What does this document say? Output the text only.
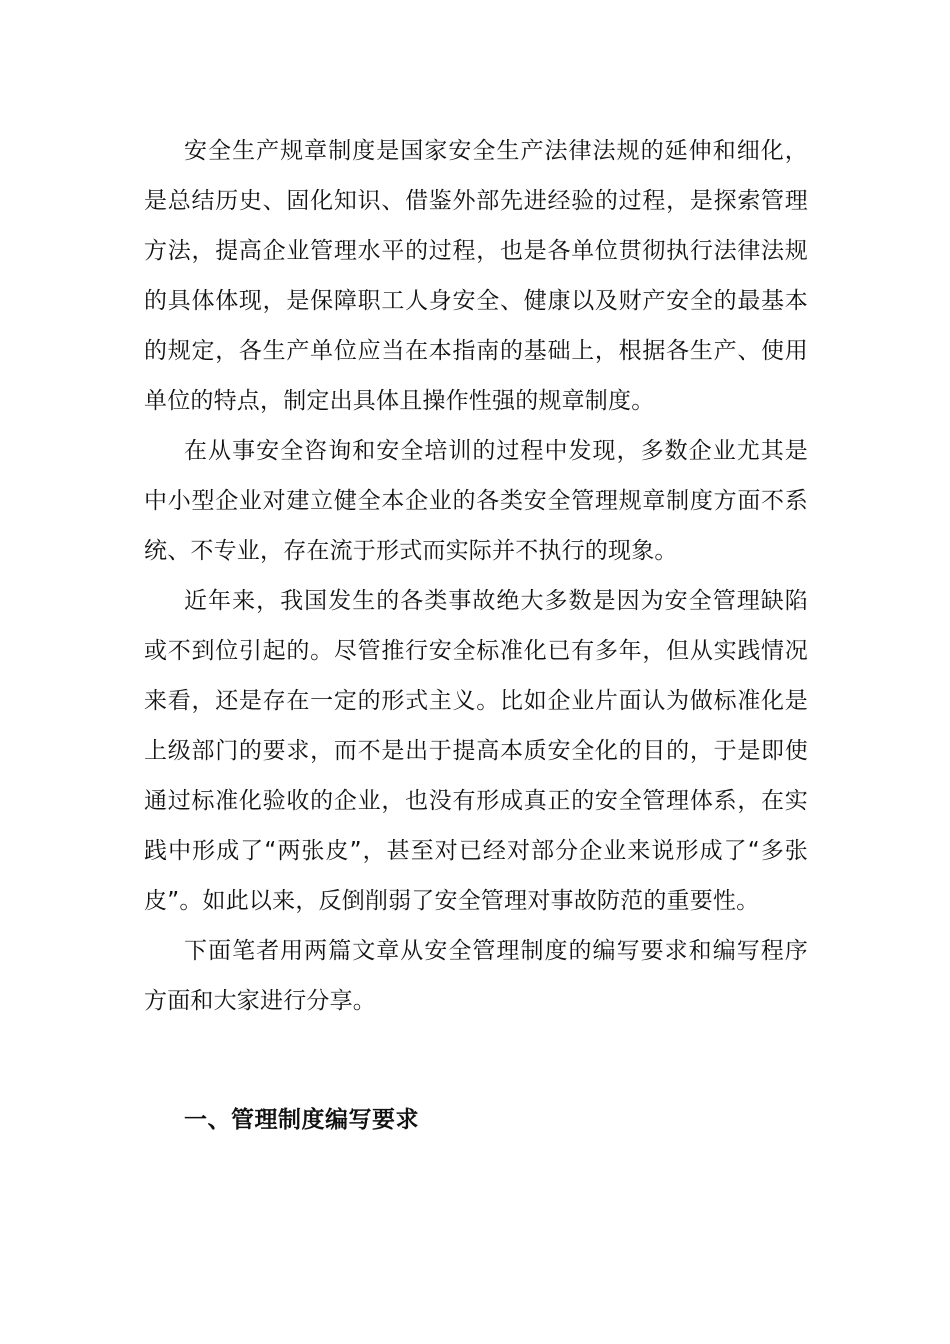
安全生产规章制度是国家安全生产法律法规的延伸和细化，是总结历史、固化知识、借鉴外部先进经验的过程，是探索管理方法，提高企业管理水平的过程，也是各单位贯彻执行法律法规的具体体现，是保障职工人身安全、健康以及财产安全的最基本的规定，各生产单位应当在本指南的基础上，根据各生产、使用单位的特点，制定出具体且操作性强的规章制度。

在从事安全咨询和安全培训的过程中发现，多数企业尤其是中小型企业对建立健全本企业的各类安全管理规章制度方面不系统、不专业，存在流于形式而实际并不执行的现象。

近年来，我国发生的各类事故绝大多数是因为安全管理缺陷或不到位引起的。尽管推行安全标准化已有多年，但从实践情况来看，还是存在一定的形式主义。比如企业片面认为做标准化是上级部门的要求，而不是出于提高本质安全化的目的，于是即使通过标准化验收的企业，也没有形成真正的安全管理体系，在实践中形成了“两张皮”，甚至对已经对部分企业来说形成了“多张皮”。如此以来，反倒削弱了安全管理对事故防范的重要性。

下面笔者用两篇文章从安全管理制度的编写要求和编写程序方面和大家进行分享。

一、管理制度编写要求
